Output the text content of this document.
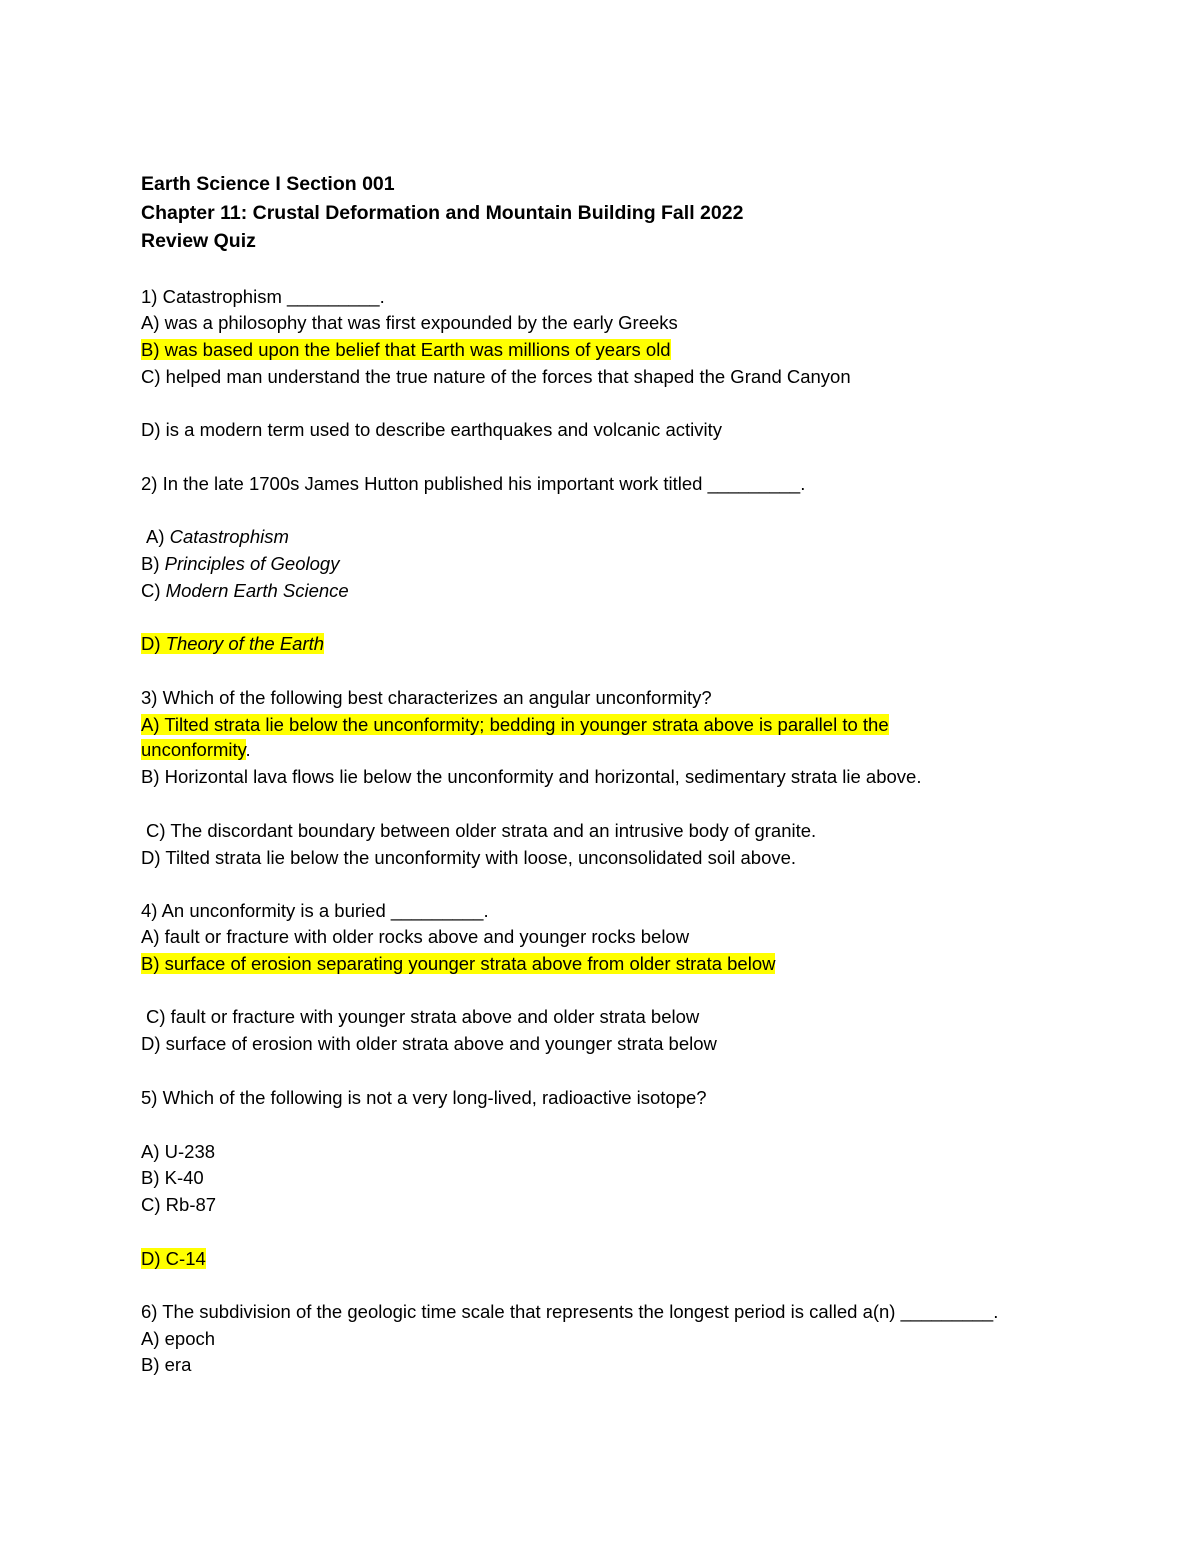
Earth Science I Section 001
Chapter 11: Crustal Deformation and Mountain Building Fall 2022
Review Quiz
1) Catastrophism _________.
A) was a philosophy that was first expounded by the early Greeks
B) was based upon the belief that Earth was millions of years old
C) helped man understand the true nature of the forces that shaped the Grand Canyon
D) is a modern term used to describe earthquakes and volcanic activity
2) In the late 1700s James Hutton published his important work titled _________.
A) Catastrophism
B) Principles of Geology
C) Modern Earth Science
D) Theory of the Earth
3) Which of the following best characterizes an angular unconformity?
A) Tilted strata lie below the unconformity; bedding in younger strata above is parallel to the
unconformity.
B) Horizontal lava flows lie below the unconformity and horizontal, sedimentary strata lie above.
C) The discordant boundary between older strata and an intrusive body of granite.
D) Tilted strata lie below the unconformity with loose, unconsolidated soil above.
4) An unconformity is a buried _________.
A) fault or fracture with older rocks above and younger rocks below
B) surface of erosion separating younger strata above from older strata below
C) fault or fracture with younger strata above and older strata below
D) surface of erosion with older strata above and younger strata below
5) Which of the following is not a very long-lived, radioactive isotope?
A) U-238
B) K-40
C) Rb-87
D) C-14
6) The subdivision of the geologic time scale that represents the longest period is called a(n) _________.
A) epoch
B) era
